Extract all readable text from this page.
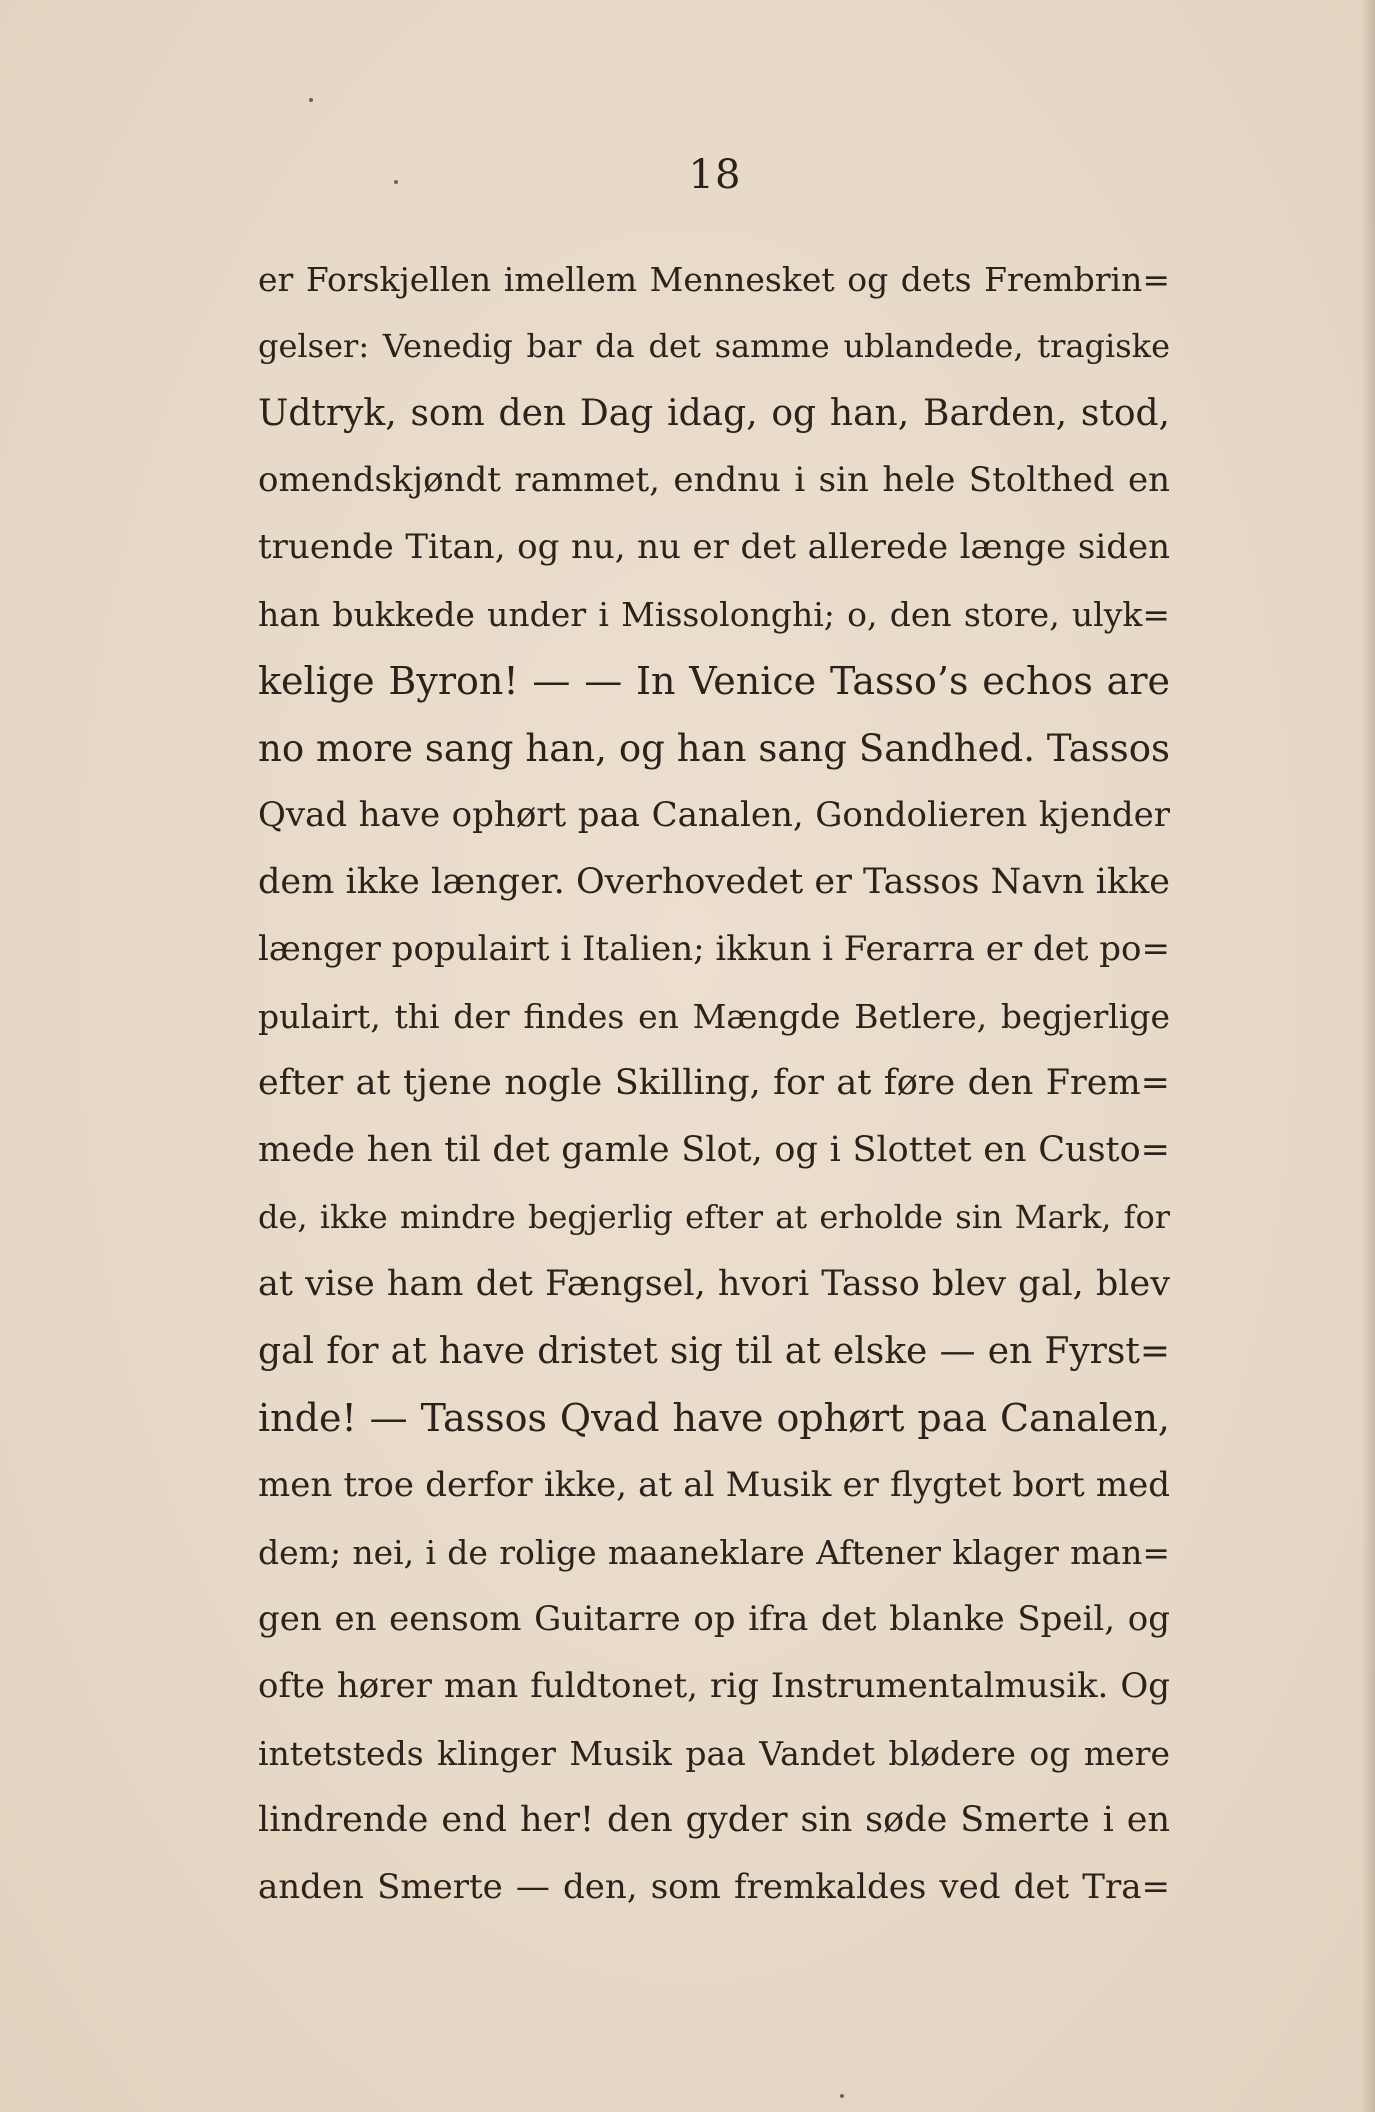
18
er Forskjellen imellem Mennesket og dets Frembrin=
gelser: Venedig bar da det samme ublandede, tragiske
Udtryk, som den Dag idag, og han, Barden, stod,
omendskjøndt rammet, endnu i sin hele Stolthed en
truende Titan, og nu, nu er det allerede længe siden
han bukkede under i Missolonghi; o, den store, ulyk=
kelige Byron! — — In Venice Tasso’s echos are
no more sang han, og han sang Sandhed. Tassos
Qvad have ophørt paa Canalen, Gondolieren kjender
dem ikke længer. Overhovedet er Tassos Navn ikke
længer populairt i Italien; ikkun i Ferarra er det po=
pulairt, thi der findes en Mængde Betlere, begjerlige
efter at tjene nogle Skilling, for at føre den Frem=
mede hen til det gamle Slot, og i Slottet en Custo=
de, ikke mindre begjerlig efter at erholde sin Mark, for
at vise ham det Fængsel, hvori Tasso blev gal, blev
gal for at have dristet sig til at elske — en Fyrst=
inde! — Tassos Qvad have ophørt paa Canalen,
men troe derfor ikke, at al Musik er flygtet bort med
dem; nei, i de rolige maaneklare Aftener klager man=
gen en eensom Guitarre op ifra det blanke Speil, og
ofte hører man fuldtonet, rig Instrumentalmusik. Og
intetsteds klinger Musik paa Vandet blødere og mere
lindrende end her! den gyder sin søde Smerte i en
anden Smerte — den, som fremkaldes ved det Tra=
